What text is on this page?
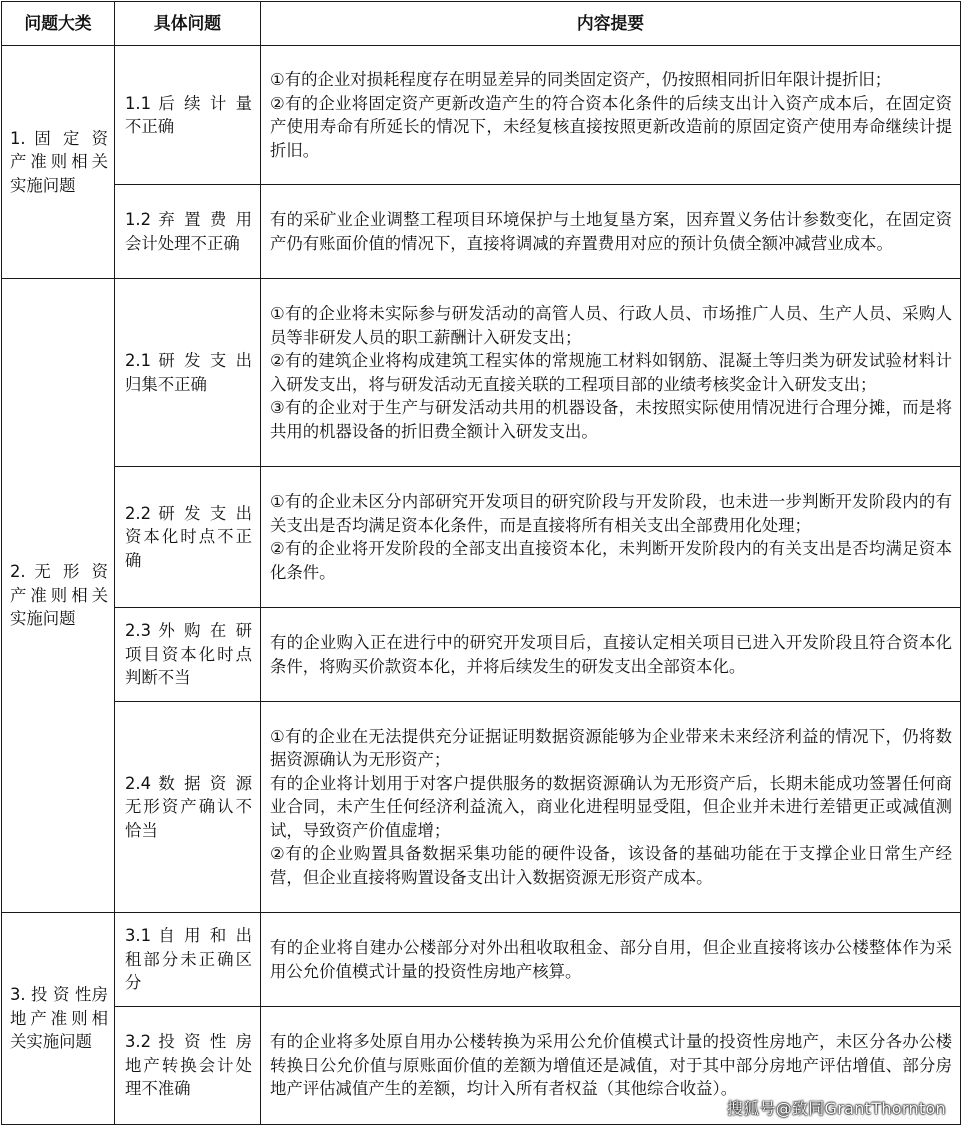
问题大类	具体问题	内容提要
1. 固 定 资 产准则相关实施问题	1.1 后 续 计 量不正确	①有的企业对损耗程度存在明显差异的同类固定资产，仍按照相同折旧年限计提折旧；
②有的企业将固定资产更新改造产生的符合资本化条件的后续支出计入资产成本后，在固定资产使用寿命有所延长的情况下，未经复核直接按照更新改造前的原固定资产使用寿命继续计提折旧。

	1.2 弃 置 费 用会计处理不正确	有的采矿业企业调整工程项目环境保护与土地复垦方案，因弃置义务估计参数变化，在固定资产仍有账面价值的情况下，直接将调减的弃置费用对应的预计负债全额冲减营业成本。

2. 无 形 资 产准则相关实施问题	2.1 研 发 支 出归集不正确	①有的企业将未实际参与研发活动的高管人员、行政人员、市场推广人员、生产人员、采购人员等非研发人员的职工薪酬计入研发支出；
②有的建筑企业将构成建筑工程实体的常规施工材料如钢筋、混凝土等归类为研发试验材料计入研发支出，将与研发活动无直接关联的工程项目部的业绩考核奖金计入研发支出；
③有的企业对于生产与研发活动共用的机器设备，未按照实际使用情况进行合理分摊，而是将共用的机器设备的折旧费全额计入研发支出。

	2.2 研 发 支 出资本化时点不正确	①有的企业未区分内部研究开发项目的研究阶段与开发阶段，也未进一步判断开发阶段内的有关支出是否均满足资本化条件，而是直接将所有相关支出全部费用化处理；
②有的企业将开发阶段的全部支出直接资本化，未判断开发阶段内的有关支出是否均满足资本化条件。

	2.3 外 购 在 研项目资本化时点判断不当	有的企业购入正在进行中的研究开发项目后，直接认定相关项目已进入开发阶段且符合资本化条件，将购买价款资本化，并将后续发生的研发支出全部资本化。

	2.4 数 据 资 源无形资产确认不恰当	①有的企业在无法提供充分证据证明数据资源能够为企业带来未来经济利益的情况下，仍将数据资源确认为无形资产；
有的企业将计划用于对客户提供服务的数据资源确认为无形资产后，长期未能成功签署任何商业合同，未产生任何经济利益流入，商业化进程明显受阻，但企业并未进行差错更正或减值测试，导致资产价值虚增；
②有的企业购置具备数据采集功能的硬件设备，该设备的基础功能在于支撑企业日常生产经营，但企业直接将购置设备支出计入数据资源无形资产成本。

3. 投 资 性房地产准则相关实施问题	3.1 自 用 和 出租部分未正确区分	有的企业将自建办公楼部分对外出租收取租金、部分自用，但企业直接将该办公楼整体作为采用公允价值模式计量的投资性房地产核算。

	3.2 投 资 性 房地产转换会计处理不准确	有的企业将多处原自用办公楼转换为采用公允价值模式计量的投资性房地产，未区分各办公楼转换日公允价值与原账面价值的差额为增值还是减值，对于其中部分房地产评估增值、部分房地产评估减值产生的差额，均计入所有者权益（其他综合收益）。
搜狐号@致同GrantThornton
